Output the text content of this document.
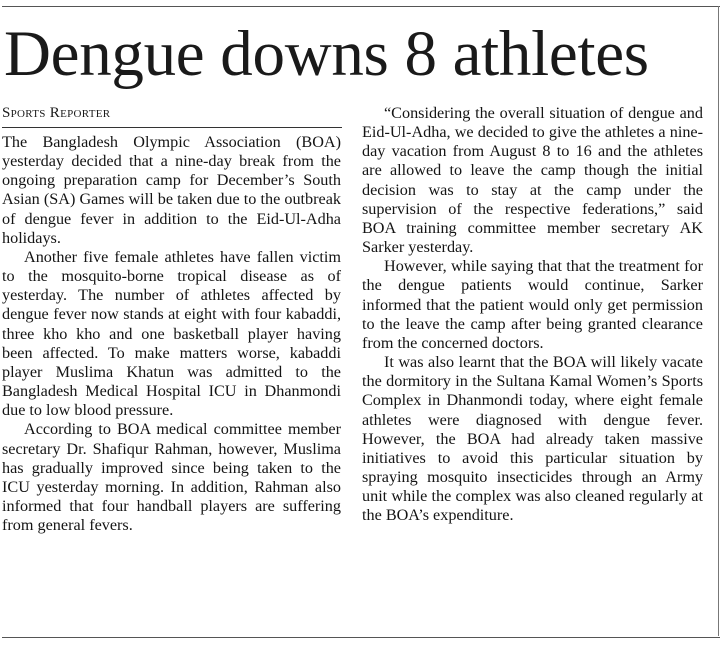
Dengue downs 8 athletes
Sports Reporter

The Bangladesh Olympic Association (BOA) yesterday decided that a nine-day break from the ongoing preparation camp for December’s South Asian (SA) Games will be taken due to the outbreak of dengue fever in addition to the Eid-Ul-Adha holidays.

Another five female athletes have fallen victim to the mosquito-borne tropical disease as of yesterday. The number of athletes affected by dengue fever now stands at eight with four kabaddi, three kho kho and one basketball player having been affected. To make matters worse, kabaddi player Muslima Khatun was admitted to the Bangladesh Medical Hospital ICU in Dhanmondi due to low blood pressure.

According to BOA medical committee member secretary Dr. Shafiqur Rahman, however, Muslima has gradually improved since being taken to the ICU yesterday morning. In addition, Rahman also informed that four handball players are suffering from general fevers.

“Considering the overall situation of dengue and Eid-Ul-Adha, we decided to give the athletes a nine-day vacation from August 8 to 16 and the athletes are allowed to leave the camp though the initial decision was to stay at the camp under the supervision of the respective federations,” said BOA training committee member secretary AK Sarker yesterday.

However, while saying that that the treatment for the dengue patients would continue, Sarker informed that the patient would only get permission to the leave the camp after being granted clearance from the concerned doctors.

It was also learnt that the BOA will likely vacate the dormitory in the Sultana Kamal Women’s Sports Complex in Dhanmondi today, where eight female athletes were diagnosed with dengue fever. However, the BOA had already taken massive initiatives to avoid this particular situation by spraying mosquito insecticides through an Army unit while the complex was also cleaned regularly at the BOA’s expenditure.
